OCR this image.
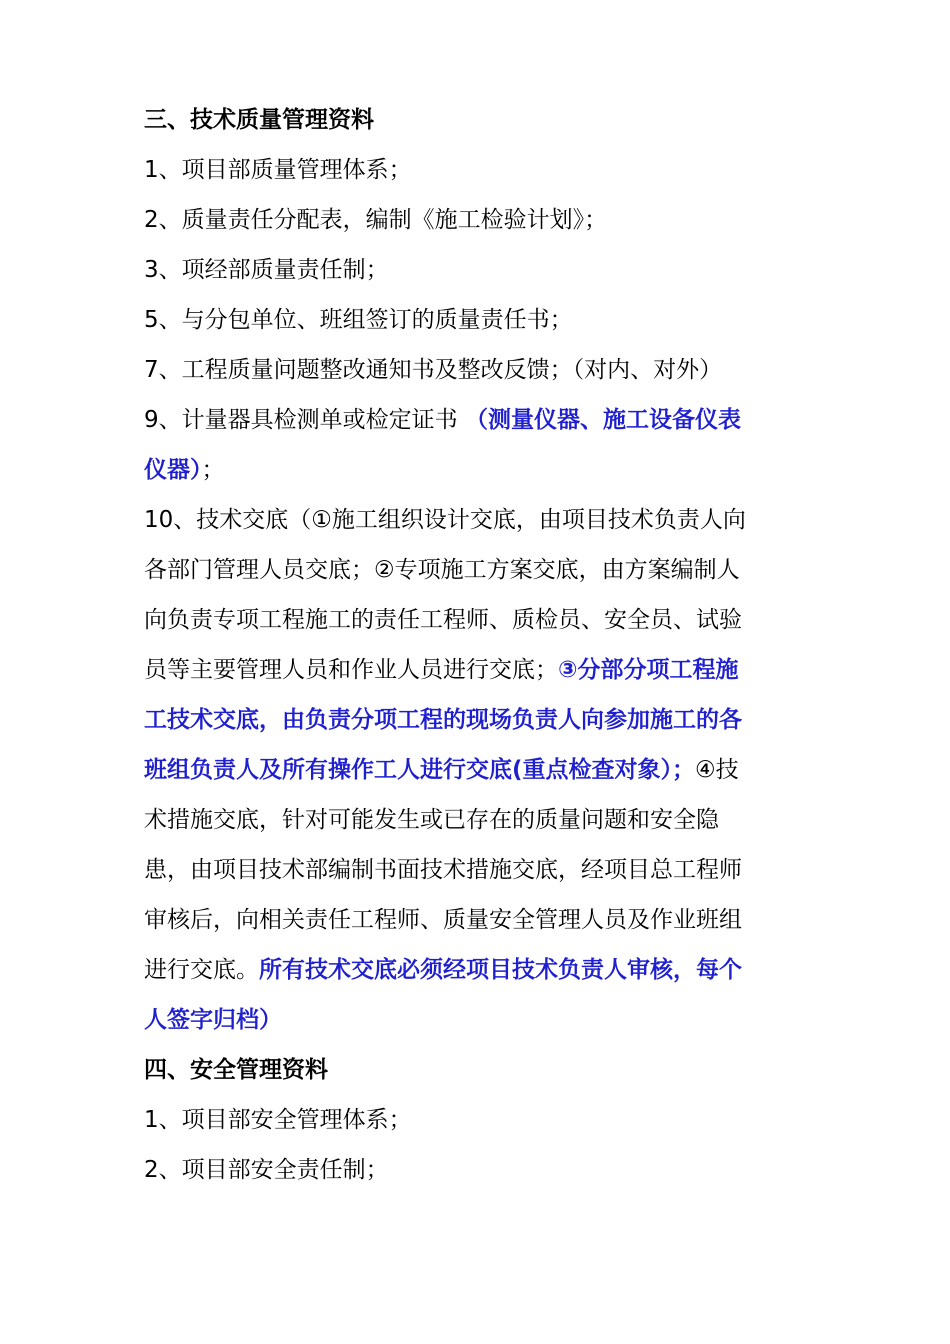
三、技术质量管理资料
1、项目部质量管理体系；
2、质量责任分配表，编制《施工检验计划》；
3、项经部质量责任制；
5、与分包单位、班组签订的质量责任书；
7、工程质量问题整改通知书及整改反馈；（对内、对外）
9、计量器具检测单或检定证书 （测量仪器、施工设备仪表
仪器）；
10、技术交底（①施工组织设计交底，由项目技术负责人向
各部门管理人员交底；②专项施工方案交底，由方案编制人
向负责专项工程施工的责任工程师、质检员、安全员、试验
员等主要管理人员和作业人员进行交底；③分部分项工程施
工技术交底，由负责分项工程的现场负责人向参加施工的各
班组负责人及所有操作工人进行交底(重点检查对象）；④技
术措施交底，针对可能发生或已存在的质量问题和安全隐
患，由项目技术部编制书面技术措施交底，经项目总工程师
审核后，向相关责任工程师、质量安全管理人员及作业班组
进行交底。所有技术交底必须经项目技术负责人审核，每个
人签字归档）
四、安全管理资料
1、项目部安全管理体系；
2、项目部安全责任制；
